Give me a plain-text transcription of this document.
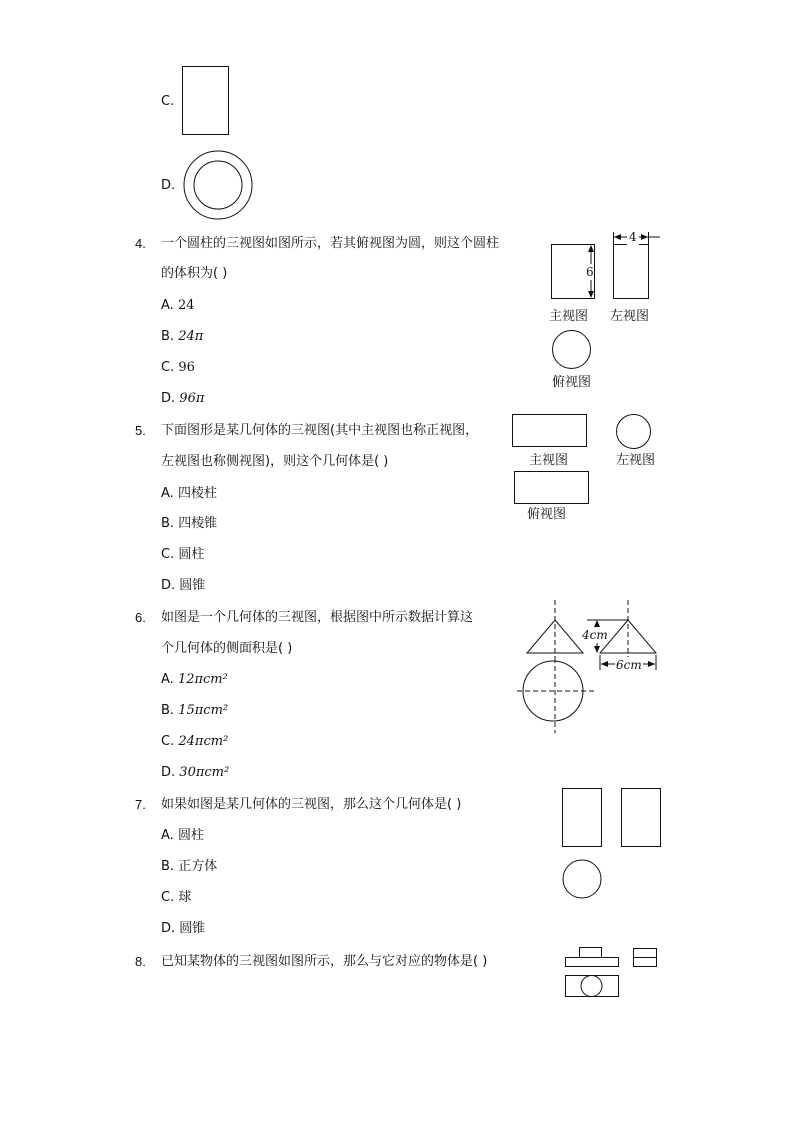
C.
D.
4. 一个圆柱的三视图如图所示，若其俯视图为圆，则这个圆柱
的体积为( )
A. 24
B. 24π
C. 96
D. 96π
6
4
主视图 左视图
俯视图
5. 下面图形是某几何体的三视图(其中主视图也称正视图，
左视图也称侧视图)，则这个几何体是( )
A. 四棱柱
B. 四棱锥
C. 圆柱
D. 圆锥
主视图	左视图
俯视图
6. 如图是一个几何体的三视图，根据图中所示数据计算这
个几何体的侧面积是( )
A. 12πcm²
B. 15πcm²
C. 24πcm²
D. 30πcm²
4cm
6cm
7. 如果如图是某几何体的三视图，那么这个几何体是( )
A. 圆柱
B. 正方体
C. 球
D. 圆锥
8. 已知某物体的三视图如图所示，那么与它对应的物体是( )
